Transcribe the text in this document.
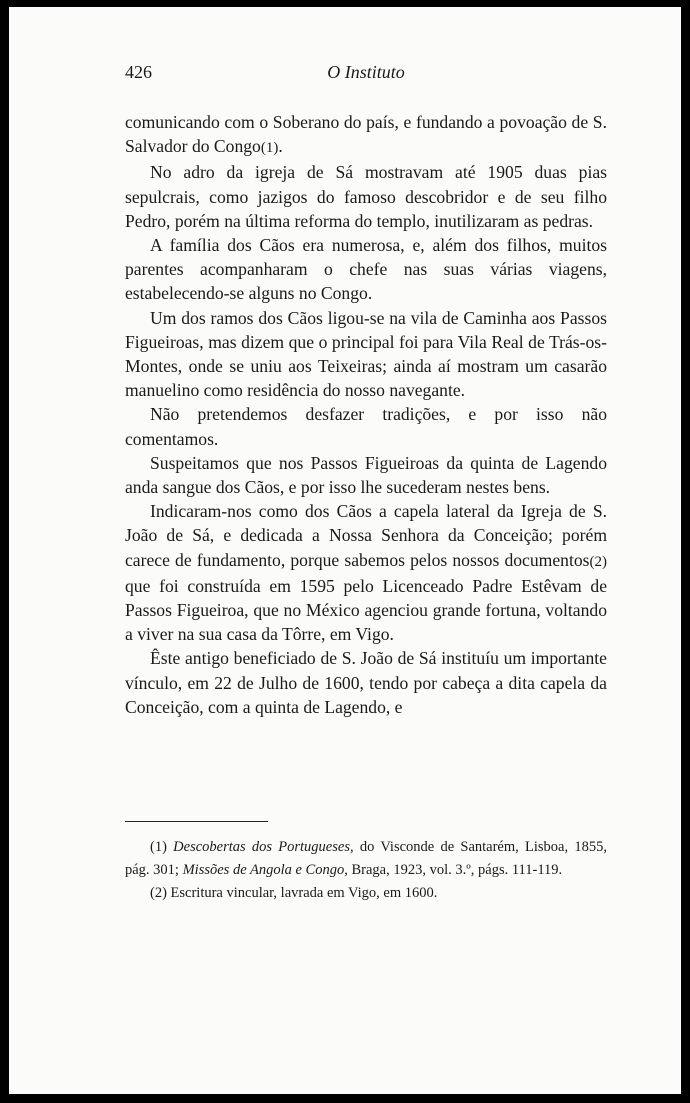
426	O Instituto

comunicando com o Soberano do país, e fundando a povoação de S. Salvador do Congo(1).

No adro da igreja de Sá mostravam até 1905 duas pias sepulcrais, como jazigos do famoso descobridor e de seu filho Pedro, porém na última reforma do templo, inutilizaram as pedras.

A família dos Cãos era numerosa, e, além dos filhos, muitos parentes acompanharam o chefe nas suas várias viagens, estabelecendo-se alguns no Congo.

Um dos ramos dos Cãos ligou-se na vila de Caminha aos Passos Figueiroas, mas dizem que o principal foi para Vila Real de Trás-os-Montes, onde se uniu aos Teixeiras; ainda aí mostram um casarão manuelino como residência do nosso navegante.

Não pretendemos desfazer tradições, e por isso não comentamos.

Suspeitamos que nos Passos Figueiroas da quinta de Lagendo anda sangue dos Cãos, e por isso lhe sucederam nestes bens.

Indicaram-nos como dos Cãos a capela lateral da Igreja de S. João de Sá, e dedicada a Nossa Senhora da Conceição; porém carece de fundamento, porque sabemos pelos nossos documentos(2) que foi construída em 1595 pelo Licenceado Padre Estêvam de Passos Figueiroa, que no México agenciou grande fortuna, voltando a viver na sua casa da Tôrre, em Vigo.

Êste antigo beneficiado de S. João de Sá instituíu um importante vínculo, em 22 de Julho de 1600, tendo por cabeça a dita capela da Conceição, com a quinta de Lagendo, e

(1) Descobertas dos Portugueses, do Visconde de Santarém, Lisboa, 1855, pág. 301; Missões de Angola e Congo, Braga, 1923, vol. 3.º, págs. 111-119.

(2) Escritura vincular, lavrada em Vigo, em 1600.
